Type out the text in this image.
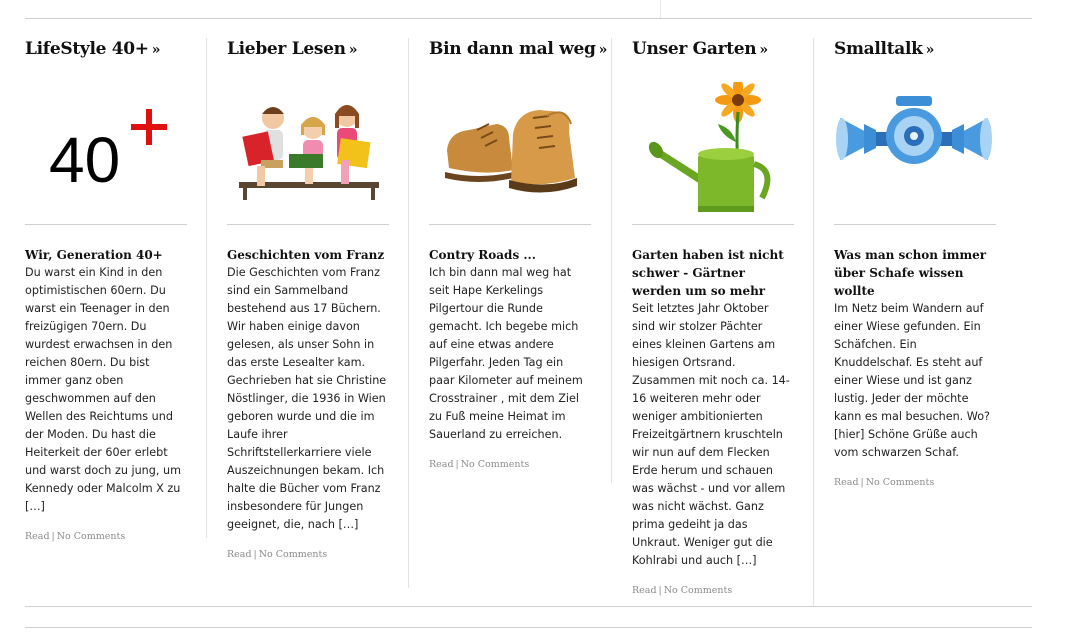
LifeStyle 40+ »
40
Wir, Generation 40+

Du warst ein Kind in den optimistischen 60ern. Du warst ein Teenager in den freizügigen 70ern. Du wurdest erwachsen in den reichen 80ern. Du bist immer ganz oben geschwommen auf den Wellen des Reichtums und der Moden. Du hast die Heiterkeit der 60er erlebt und warst doch zu jung, um Kennedy oder Malcolm X zu […]

Read | No Comments
Lieber Lesen »
Geschichten vom Franz

Die Geschichten vom Franz sind ein Sammelband bestehend aus 17 Büchern. Wir haben einige davon gelesen, als unser Sohn in das erste Lesealter kam. Gechrieben hat sie Christine Nöstlinger, die 1936 in Wien geboren wurde und die im Laufe ihrer Schriftstellerkarriere viele Auszeichnungen bekam. Ich halte die Bücher vom Franz insbesondere für Jungen geeignet, die, nach […]

Read | No Comments
Bin dann mal weg »
Contry Roads ...

Ich bin dann mal weg hat seit Hape Kerkelings Pilgertour die Runde gemacht. Ich begebe mich auf eine etwas andere Pilgerfahr. Jeden Tag ein paar Kilometer auf meinem Crosstrainer , mit dem Ziel zu Fuß meine Heimat im Sauerland zu erreichen.

Read | No Comments
Unser Garten »
Garten haben ist nicht schwer - Gärtner werden um so mehr

Seit letztes Jahr Oktober sind wir stolzer Pächter eines kleinen Gartens am hiesigen Ortsrand. Zusammen mit noch ca. 14-16 weiteren mehr oder weniger ambitionierten Freizeitgärtnern kruschteln wir nun auf dem Flecken Erde herum und schauen was wächst - und vor allem was nicht wächst. Ganz prima gedeiht ja das Unkraut. Weniger gut die Kohlrabi und auch […]

Read | No Comments
Smalltalk »
Was man schon immer über Schafe wissen wollte

Im Netz beim Wandern auf einer Wiese gefunden. Ein Schäfchen. Ein Knuddelschaf. Es steht auf einer Wiese und ist ganz lustig. Jeder der möchte kann es mal besuchen. Wo? [hier] Schöne Grüße auch vom schwarzen Schaf.

Read | No Comments
